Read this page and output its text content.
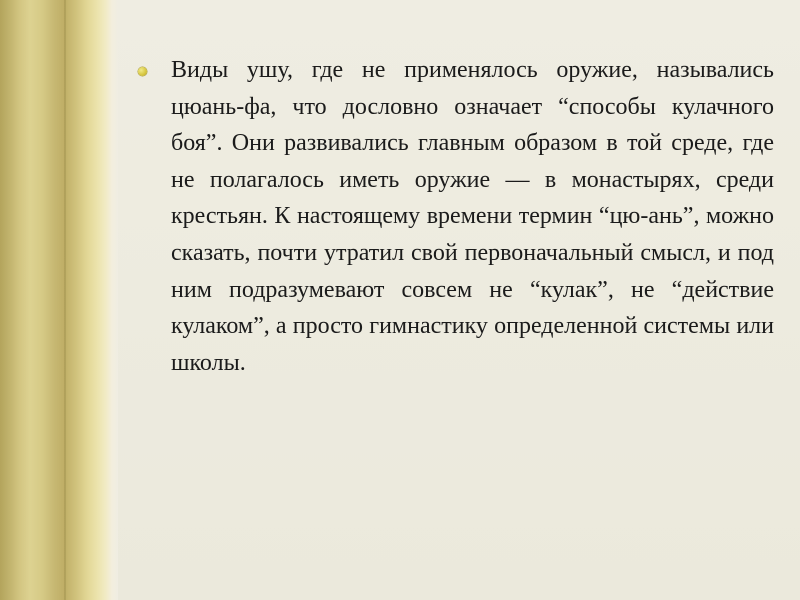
Виды ушу, где не применялось оружие, назывались цюань-фа, что дословно означает “способы кулачного боя”. Они развивались главным образом в той среде, где не полагалось иметь оружие — в монастырях, среди крестьян. К настоящему времени термин “цю-ань”, можно сказать, почти утратил свой первоначальный смысл, и под ним подразумевают совсем не “кулак”, не “действие кулаком”, а просто гимнастику определенной системы или школы.
